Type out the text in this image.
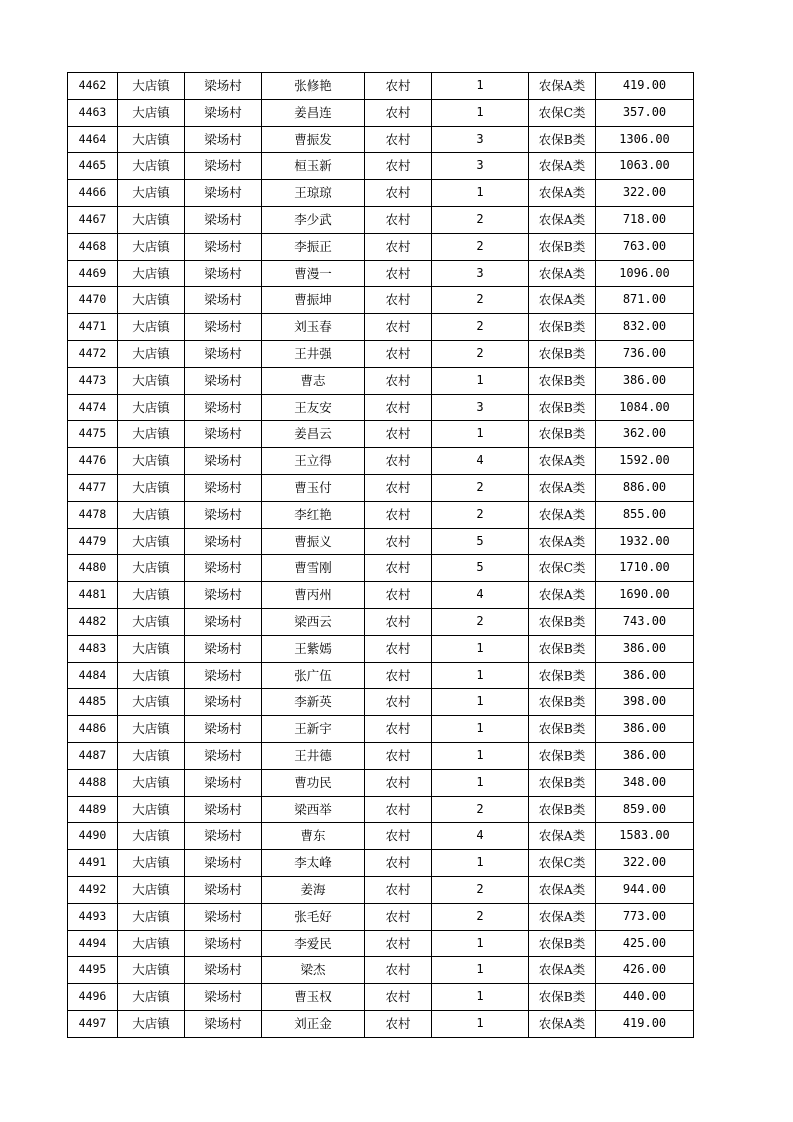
4462	大店镇	梁场村	张修艳	农村	1	农保A类	419.00
4463	大店镇	梁场村	姜昌连	农村	1	农保C类	357.00
4464	大店镇	梁场村	曹振发	农村	3	农保B类	1306.00
4465	大店镇	梁场村	桓玉新	农村	3	农保A类	1063.00
4466	大店镇	梁场村	王琼琼	农村	1	农保A类	322.00
4467	大店镇	梁场村	李少武	农村	2	农保A类	718.00
4468	大店镇	梁场村	李振正	农村	2	农保B类	763.00
4469	大店镇	梁场村	曹漫一	农村	3	农保A类	1096.00
4470	大店镇	梁场村	曹振坤	农村	2	农保A类	871.00
4471	大店镇	梁场村	刘玉春	农村	2	农保B类	832.00
4472	大店镇	梁场村	王井强	农村	2	农保B类	736.00
4473	大店镇	梁场村	曹志	农村	1	农保B类	386.00
4474	大店镇	梁场村	王友安	农村	3	农保B类	1084.00
4475	大店镇	梁场村	姜昌云	农村	1	农保B类	362.00
4476	大店镇	梁场村	王立得	农村	4	农保A类	1592.00
4477	大店镇	梁场村	曹玉付	农村	2	农保A类	886.00
4478	大店镇	梁场村	李红艳	农村	2	农保A类	855.00
4479	大店镇	梁场村	曹振义	农村	5	农保A类	1932.00
4480	大店镇	梁场村	曹雪刚	农村	5	农保C类	1710.00
4481	大店镇	梁场村	曹丙州	农村	4	农保A类	1690.00
4482	大店镇	梁场村	梁西云	农村	2	农保B类	743.00
4483	大店镇	梁场村	王紫嫣	农村	1	农保B类	386.00
4484	大店镇	梁场村	张广伍	农村	1	农保B类	386.00
4485	大店镇	梁场村	李新英	农村	1	农保B类	398.00
4486	大店镇	梁场村	王新宇	农村	1	农保B类	386.00
4487	大店镇	梁场村	王井德	农村	1	农保B类	386.00
4488	大店镇	梁场村	曹功民	农村	1	农保B类	348.00
4489	大店镇	梁场村	梁西举	农村	2	农保B类	859.00
4490	大店镇	梁场村	曹东	农村	4	农保A类	1583.00
4491	大店镇	梁场村	李太峰	农村	1	农保C类	322.00
4492	大店镇	梁场村	姜海	农村	2	农保A类	944.00
4493	大店镇	梁场村	张毛好	农村	2	农保A类	773.00
4494	大店镇	梁场村	李爱民	农村	1	农保B类	425.00
4495	大店镇	梁场村	梁杰	农村	1	农保A类	426.00
4496	大店镇	梁场村	曹玉权	农村	1	农保B类	440.00
4497	大店镇	梁场村	刘正金	农村	1	农保A类	419.00
